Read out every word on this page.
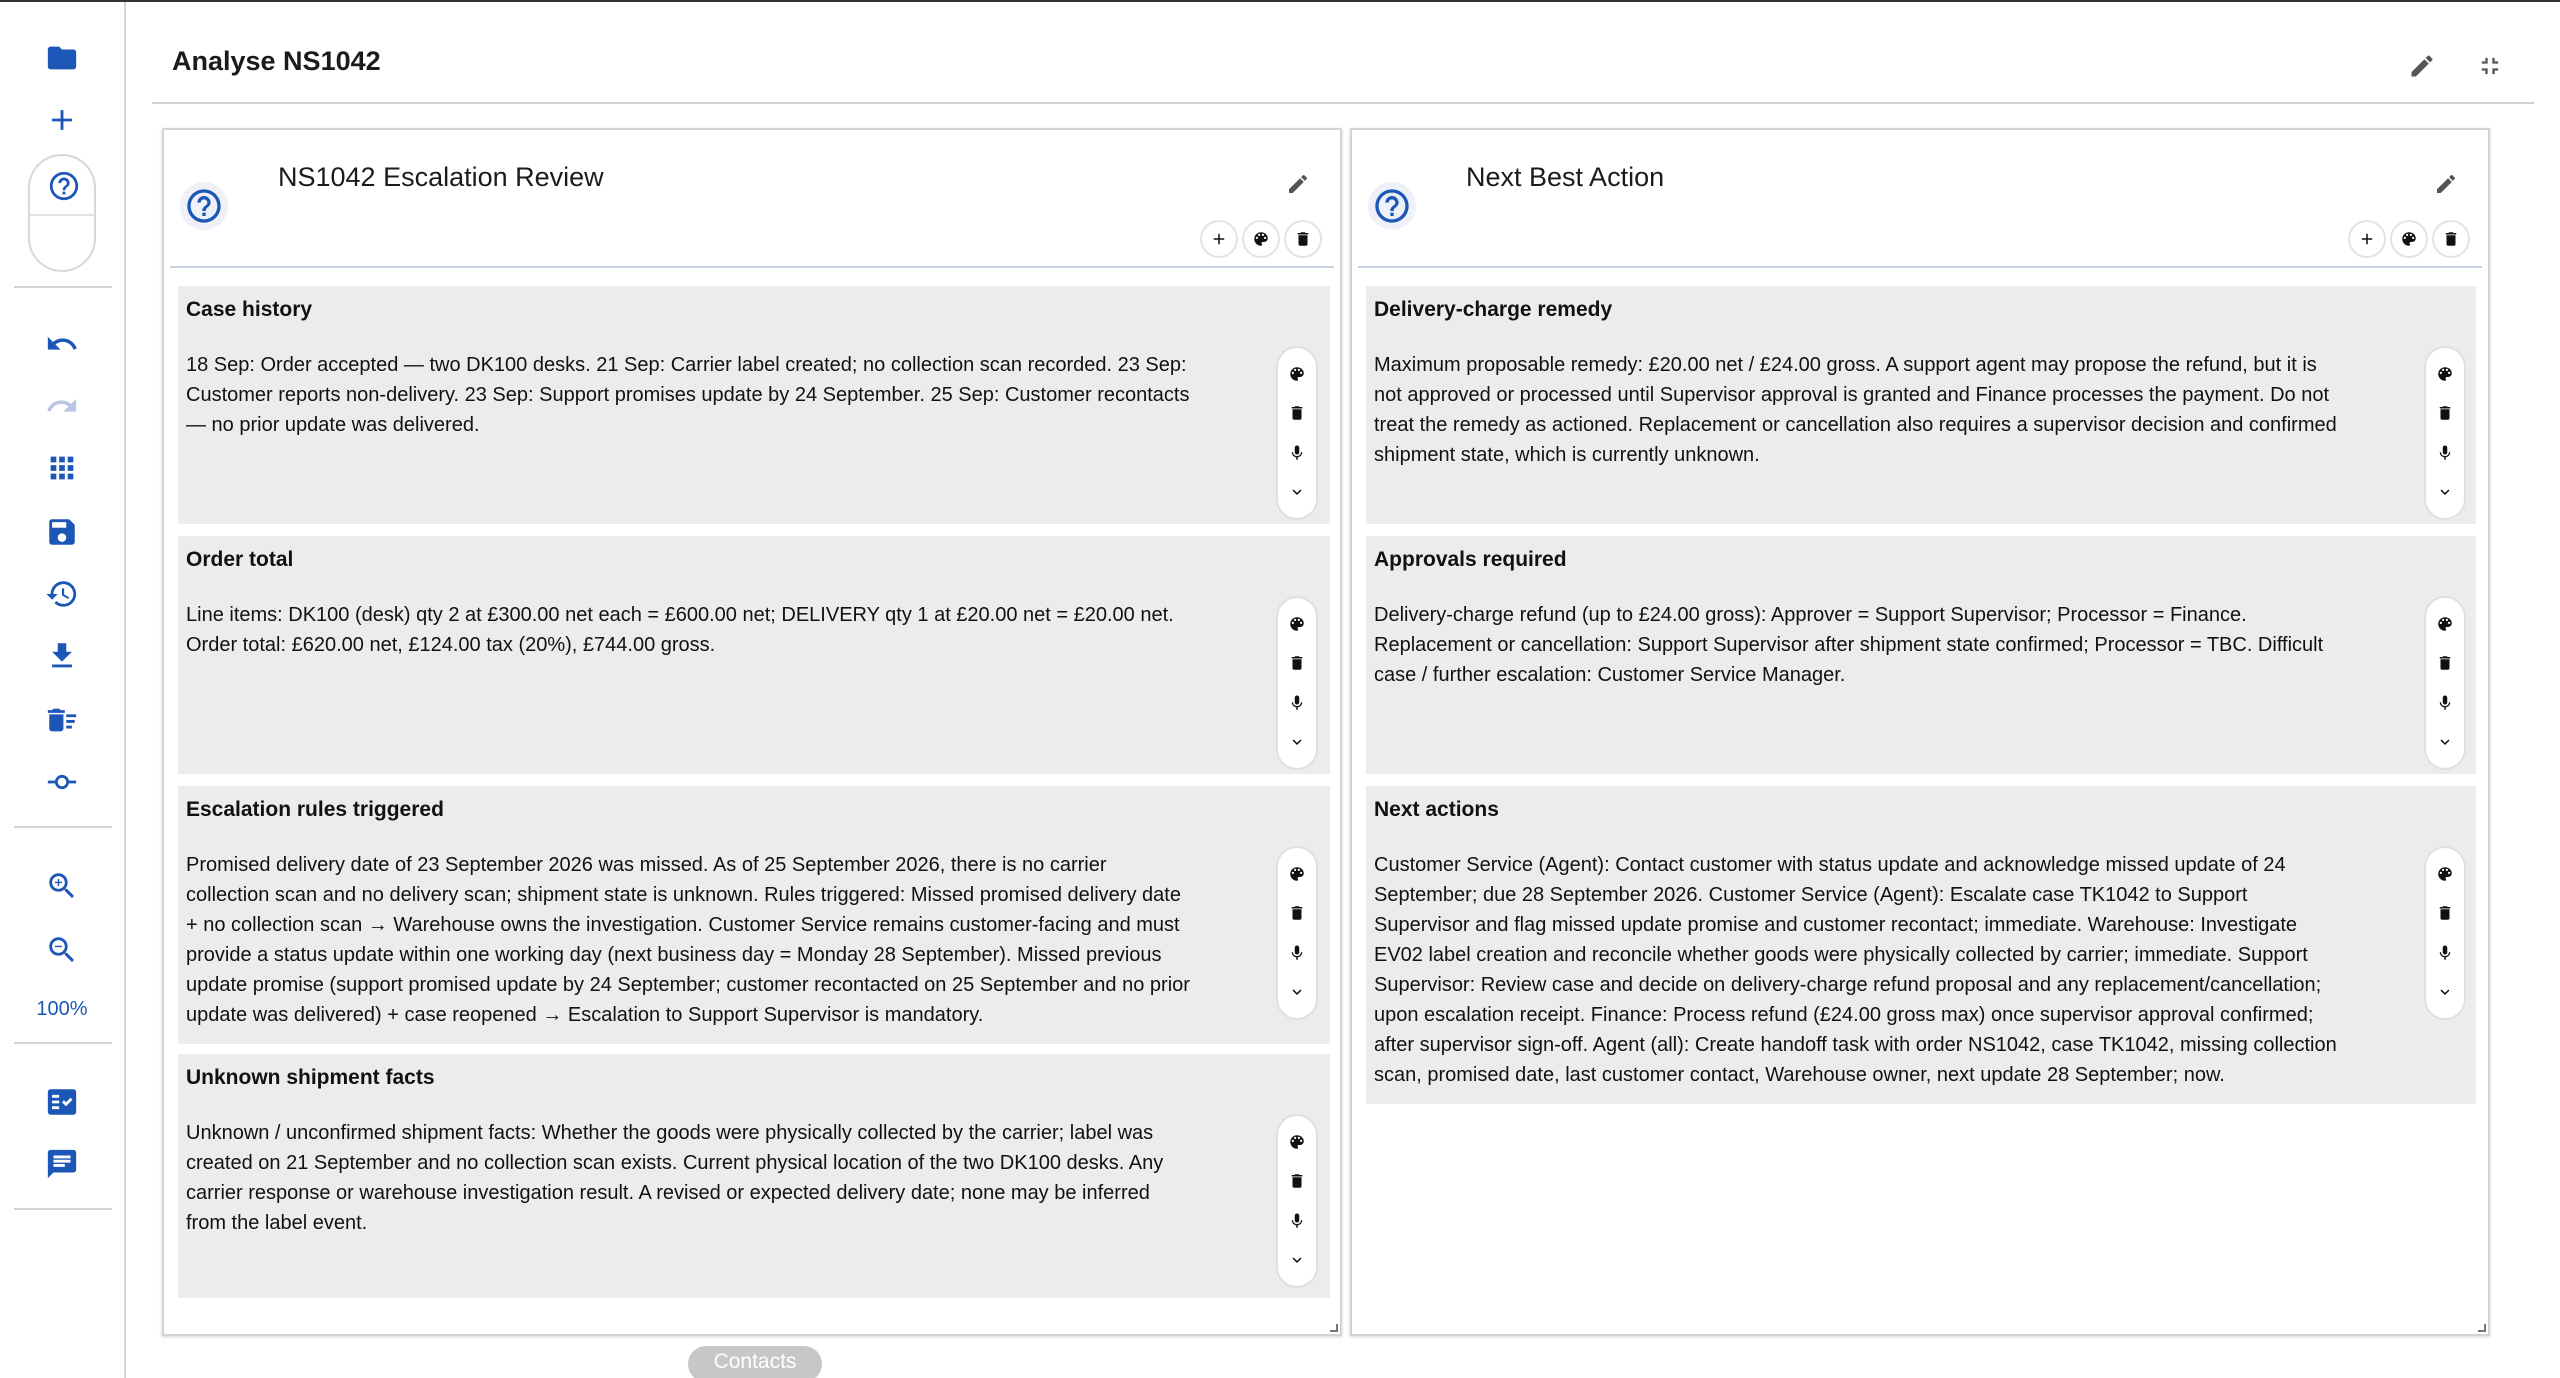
100%
Analyse NS1042
NS1042 Escalation Review
Case history
18 Sep: Order accepted — two DK100 desks. 21 Sep: Carrier label created; no collection scan recorded. 23 Sep:
Customer reports non-delivery. 23 Sep: Support promises update by 24 September. 25 Sep: Customer recontacts
— no prior update was delivered.
Order total
Line items: DK100 (desk) qty 2 at £300.00 net each = £600.00 net; DELIVERY qty 1 at £20.00 net = £20.00 net.
Order total: £620.00 net, £124.00 tax (20%), £744.00 gross.
Escalation rules triggered
Promised delivery date of 23 September 2026 was missed. As of 25 September 2026, there is no carrier
collection scan and no delivery scan; shipment state is unknown. Rules triggered: Missed promised delivery date
+ no collection scan → Warehouse owns the investigation. Customer Service remains customer-facing and must
provide a status update within one working day (next business day = Monday 28 September). Missed previous
update promise (support promised update by 24 September; customer recontacted on 25 September and no prior
update was delivered) + case reopened → Escalation to Support Supervisor is mandatory.
Unknown shipment facts
Unknown / unconfirmed shipment facts: Whether the goods were physically collected by the carrier; label was
created on 21 September and no collection scan exists. Current physical location of the two DK100 desks. Any
carrier response or warehouse investigation result. A revised or expected delivery date; none may be inferred
from the label event.
Next Best Action
Delivery-charge remedy
Maximum proposable remedy: £20.00 net / £24.00 gross. A support agent may propose the refund, but it is
not approved or processed until Supervisor approval is granted and Finance processes the payment. Do not
treat the remedy as actioned. Replacement or cancellation also requires a supervisor decision and confirmed
shipment state, which is currently unknown.
Approvals required
Delivery-charge refund (up to £24.00 gross): Approver = Support Supervisor; Processor = Finance.
Replacement or cancellation: Support Supervisor after shipment state confirmed; Processor = TBC. Difficult
case / further escalation: Customer Service Manager.
Next actions
Customer Service (Agent): Contact customer with status update and acknowledge missed update of 24
September; due 28 September 2026. Customer Service (Agent): Escalate case TK1042 to Support
Supervisor and flag missed update promise and customer recontact; immediate. Warehouse: Investigate
EV02 label creation and reconcile whether goods were physically collected by carrier; immediate. Support
Supervisor: Review case and decide on delivery-charge refund proposal and any replacement/cancellation;
upon escalation receipt. Finance: Process refund (£24.00 gross max) once supervisor approval confirmed;
after supervisor sign-off. Agent (all): Create handoff task with order NS1042, case TK1042, missing collection
scan, promised date, last customer contact, Warehouse owner, next update 28 September; now.
Contacts
